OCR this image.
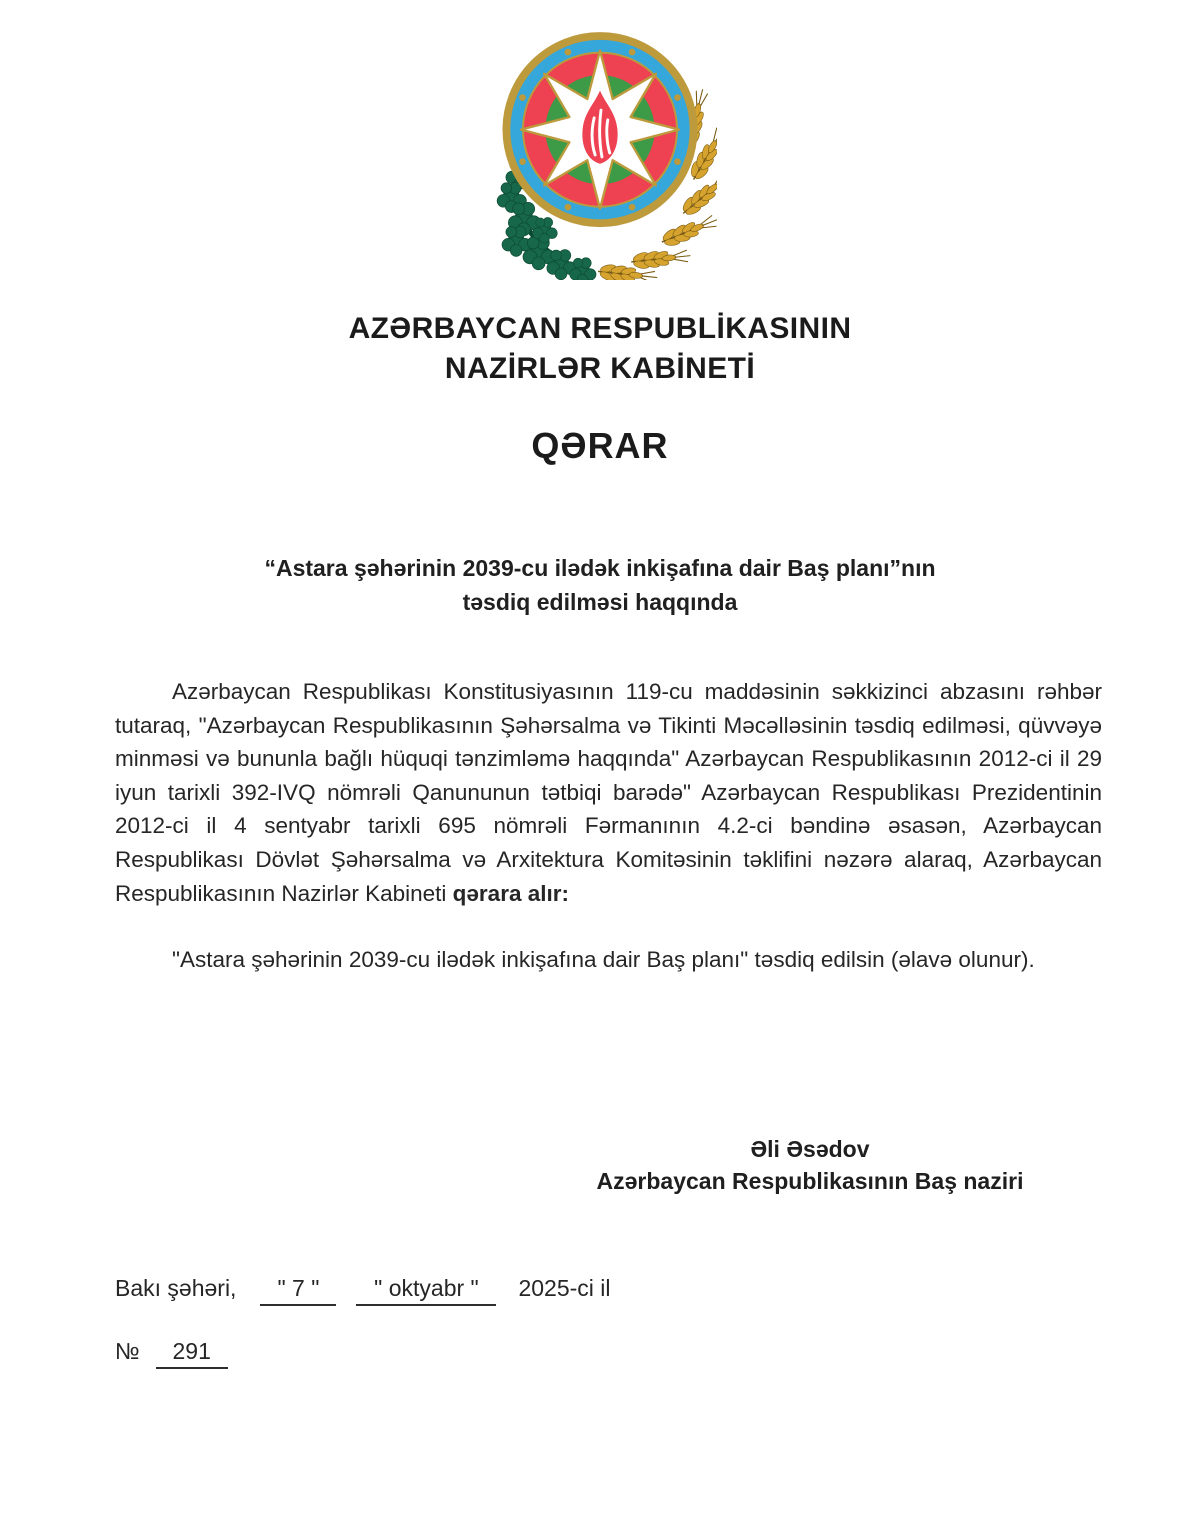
AZƏRBAYCAN RESPUBLİKASININ
NAZİRLƏR KABİNETİ
QƏRAR
“Astara şəhərinin 2039-cu ilədək inkişafına dair Baş planı”nın
təsdiq edilməsi haqqında

Azərbaycan Respublikası Konstitusiyasının 119-cu maddəsinin səkkizinci abzasını rəhbər tutaraq, "Azərbaycan Respublikasının Şəhərsalma və Tikinti Məcəlləsinin təsdiq edilməsi, qüvvəyə minməsi və bununla bağlı hüquqi tənzimləmə haqqında" Azərbaycan Respublikasının 2012-ci il 29 iyun tarixli 392-IVQ nömrəli Qanununun tətbiqi barədə" Azərbaycan Respublikası Prezidentinin 2012-ci il 4 sentyabr tarixli 695 nömrəli Fərmanının 4.2-ci bəndinə əsasən, Azərbaycan Respublikası Dövlət Şəhərsalma və Arxitektura Komitəsinin təklifini nəzərə alaraq, Azərbaycan Respublikasının Nazirlər Kabineti qərara alır:

"Astara şəhərinin 2039-cu ilədək inkişafına dair Baş planı" təsdiq edilsin (əlavə olunur).

Əli Əsədov
Azərbaycan Respublikasının Baş naziri
Bakı şəhəri, " 7 " " oktyabr " 2025-ci il
№ 291
